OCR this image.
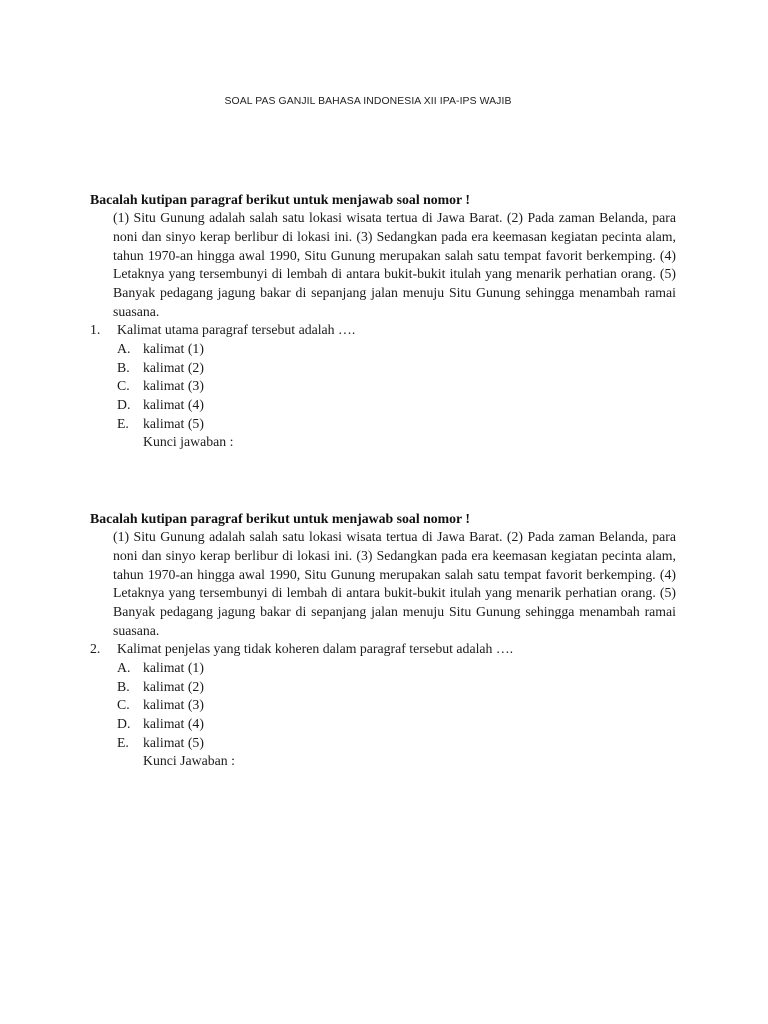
SOAL PAS GANJIL BAHASA INDONESIA XII IPA-IPS WAJIB
Bacalah kutipan paragraf berikut untuk menjawab soal nomor !
(1) Situ Gunung adalah salah satu lokasi wisata tertua di Jawa Barat. (2) Pada zaman Belanda, para
noni dan sinyo kerap berlibur di lokasi ini. (3) Sedangkan pada era keemasan kegiatan pecinta alam,
tahun 1970-an hingga awal 1990, Situ Gunung merupakan salah satu tempat favorit berkemping. (4)
Letaknya yang tersembunyi di lembah di antara bukit-bukit itulah yang menarik perhatian orang. (5)
Banyak pedagang jagung bakar di sepanjang jalan menuju Situ Gunung sehingga menambah ramai
suasana.
1. Kalimat utama paragraf tersebut adalah ….
A. kalimat (1)
B. kalimat (2)
C. kalimat (3)
D. kalimat (4)
E. kalimat (5)
Kunci jawaban :
Bacalah kutipan paragraf berikut untuk menjawab soal nomor !
(1) Situ Gunung adalah salah satu lokasi wisata tertua di Jawa Barat. (2) Pada zaman Belanda, para
noni dan sinyo kerap berlibur di lokasi ini. (3) Sedangkan pada era keemasan kegiatan pecinta alam,
tahun 1970-an hingga awal 1990, Situ Gunung merupakan salah satu tempat favorit berkemping. (4)
Letaknya yang tersembunyi di lembah di antara bukit-bukit itulah yang menarik perhatian orang. (5)
Banyak pedagang jagung bakar di sepanjang jalan menuju Situ Gunung sehingga menambah ramai
suasana.
2. Kalimat penjelas yang tidak koheren dalam paragraf tersebut adalah ….
A. kalimat (1)
B. kalimat (2)
C. kalimat (3)
D. kalimat (4)
E. kalimat (5)
Kunci Jawaban :
